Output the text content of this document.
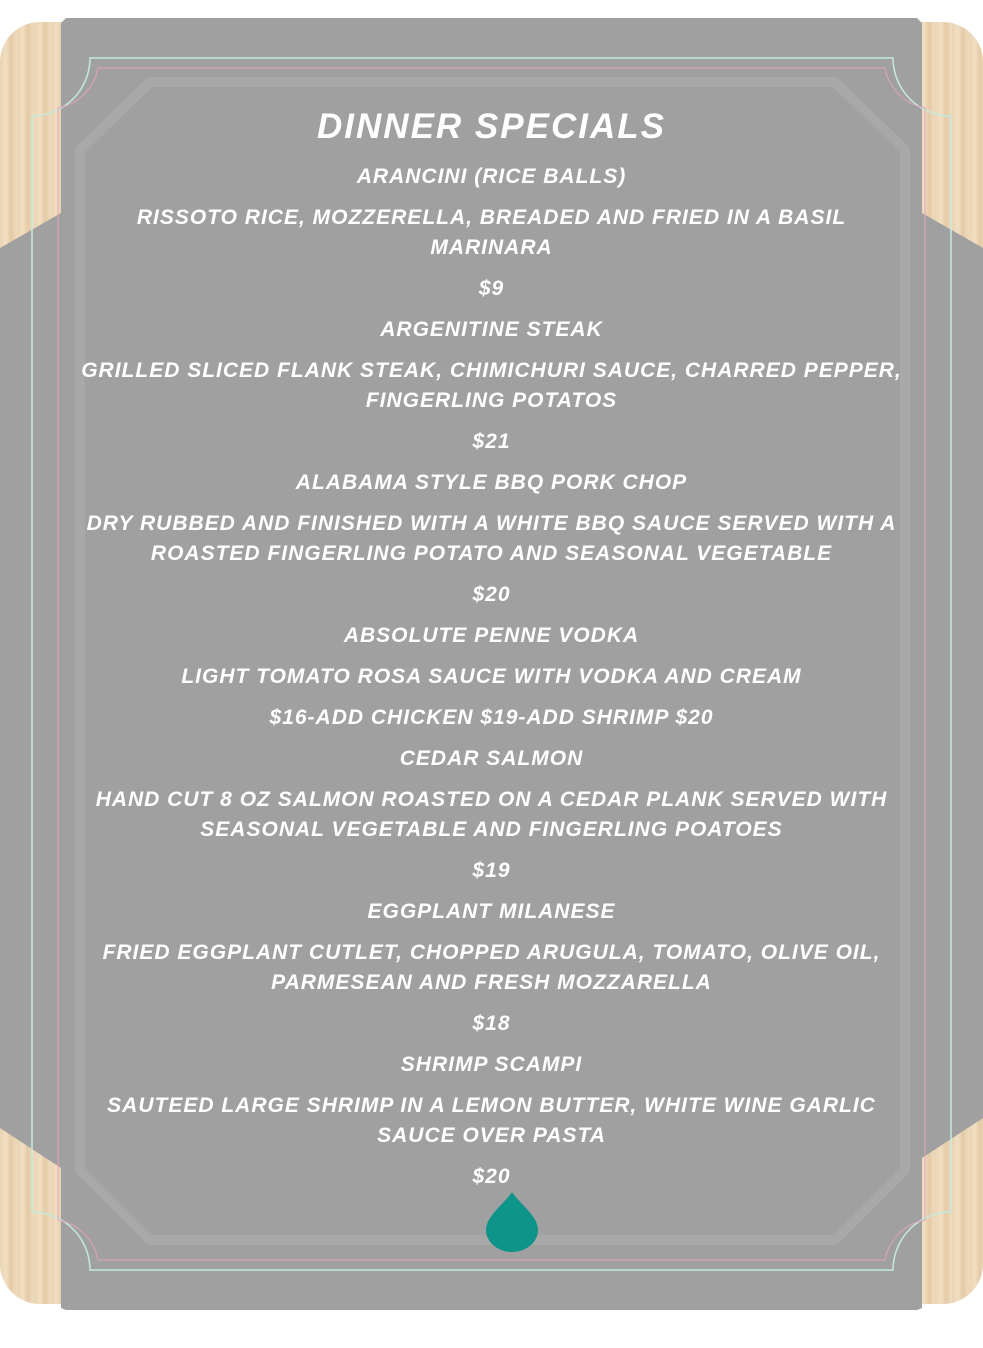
DINNER SPECIALS
ARANCINI (RICE BALLS)
RISSOTO RICE, MOZZERELLA, BREADED AND FRIED IN A BASIL MARINARA
$9
ARGENITINE STEAK
GRILLED SLICED FLANK STEAK, CHIMICHURI SAUCE, CHARRED PEPPER, FINGERLING POTATOS
$21
ALABAMA STYLE BBQ PORK CHOP
DRY RUBBED AND FINISHED WITH A WHITE BBQ SAUCE SERVED WITH A ROASTED FINGERLING POTATO AND SEASONAL VEGETABLE
$20
ABSOLUTE PENNE VODKA
LIGHT TOMATO ROSA SAUCE WITH VODKA AND CREAM
$16-ADD CHICKEN $19-ADD SHRIMP $20
CEDAR SALMON
HAND CUT 8 OZ SALMON ROASTED ON A CEDAR PLANK SERVED WITH SEASONAL VEGETABLE AND FINGERLING POATOES
$19
EGGPLANT MILANESE
FRIED EGGPLANT CUTLET, CHOPPED ARUGULA, TOMATO, OLIVE OIL, PARMESEAN AND FRESH MOZZARELLA
$18
SHRIMP SCAMPI
SAUTEED LARGE SHRIMP IN A LEMON BUTTER, WHITE WINE GARLIC SAUCE OVER PASTA
$20
